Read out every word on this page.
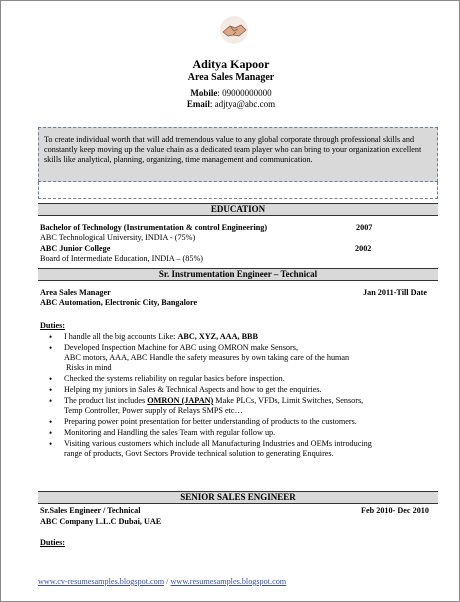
Aditya Kapoor
Area Sales Manager
Mobile: 09000000000
Email: adjtya@abc.com
To create individual worth that will add tremendous value to any global corporate through professional skills and constantly keep moving up the value chain as a dedicated team player who can bring to your organization excellent skills like analytical, planning, organizing, time management and communication.
EDUCATION
Bachelor of Technology (Instrumentation & control Engineering)	2007
ABC Technological University, INDIA - (75%)
ABC Junior College	2002
Board of Intermediate Education, INDIA – (85%)
Sr. Instrumentation Engineer – Technical
Area Sales Manager	Jan 2011-Till Date
ABC Automation, Electronic City, Bangalore
Duties:
• I handle all the big accounts Like: ABC, XYZ, AAA, BBB
• Developed Inspection Machine for ABC using OMRON make Sensors,
ABC motors, AAA, ABC Handle the safety measures by own taking care of the human
Risks in mind
• Checked the systems reliability on regular basics before inspection.
• Helping my juniors in Sales & Technical Aspects and how to get the enquiries.
• The product list includes OMRON (JAPAN) Make PLCs, VFDs, Limit Switches, Sensors,
Temp Controller, Power supply of Relays SMPS etc…
• Preparing power point presentation for better understanding of products to the customers.
• Monitoring and Handling the sales Team with regular follow up.
• Visiting various customers which include all Manufacturing Industries and OEMs introducing
range of products, Govt Sectors Provide technical solution to generating Enquires.
SENIOR SALES ENGINEER
Sr.Sales Engineer / Technical	Feb 2010- Dec 2010
ABC Company L.L.C Dubai, UAE
Duties:
www.cv-resumesamples.blogspot.com / www.resumesamples.blogspot.com
